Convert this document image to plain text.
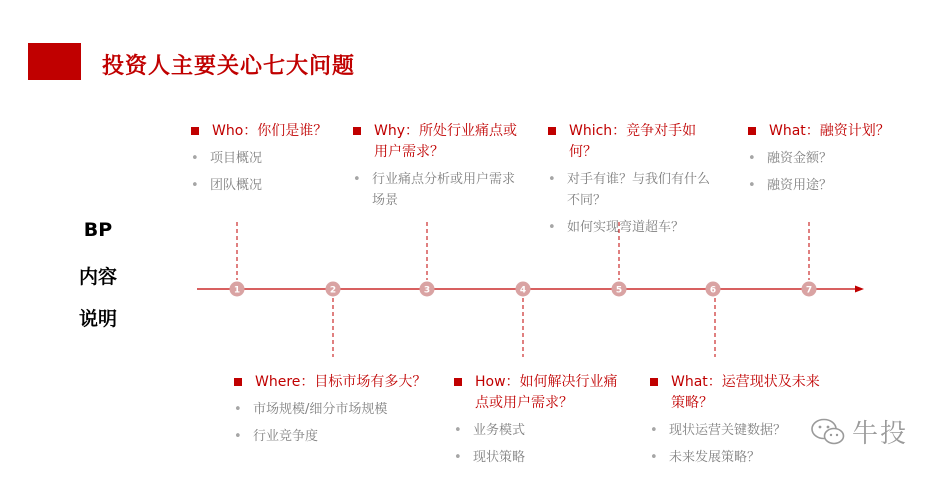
投资人主要关心七大问题
BP
内容
说明
1	2	3	4	5	6	7
Who：你们是谁？
• 项目概况
• 团队概况
Why：所处行业痛点或用户需求？
• 行业痛点分析或用户需求场景
Which：竞争对手如何？
• 对手有谁？与我们有什么不同？
• 如何实现弯道超车？
What：融资计划？
• 融资金额？
• 融资用途？
Where：目标市场有多大？
• 市场规模/细分市场规模
• 行业竞争度
How：如何解决行业痛点或用户需求？
• 业务模式
• 现状策略
What：运营现状及未来策略？
• 现状运营关键数据？
• 未来发展策略？
牛投
